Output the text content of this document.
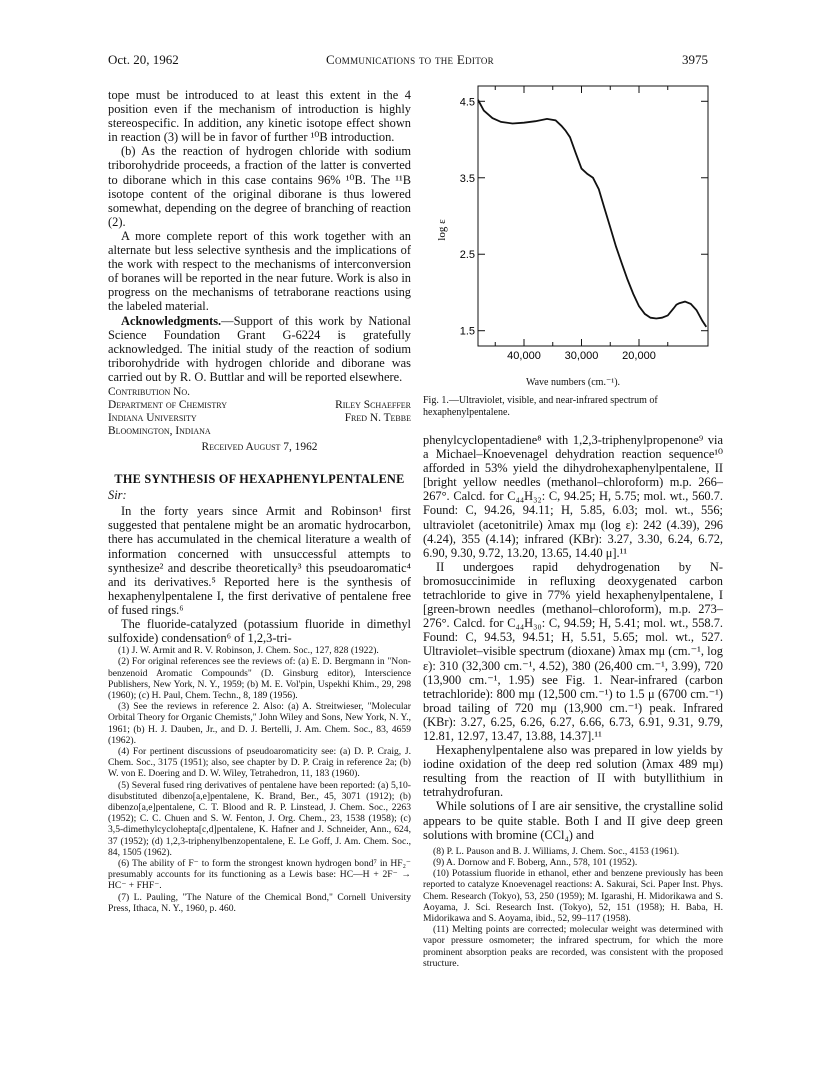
Oct. 20, 1962	Communications to the Editor	3975

tope must be introduced to at least this extent in the 4 position even if the mechanism of introduction is highly stereospecific. In addition, any kinetic isotope effect shown in reaction (3) will be in favor of further ¹⁰B introduction.

(b) As the reaction of hydrogen chloride with sodium triborohydride proceeds, a fraction of the latter is converted to diborane which in this case contains 96% ¹⁰B. The ¹¹B isotope content of the original diborane is thus lowered somewhat, depending on the degree of branching of reaction (2).

A more complete report of this work together with an alternate but less selective synthesis and the implications of the work with respect to the mechanisms of interconversion of boranes will be reported in the near future. Work is also in progress on the mechanisms of tetraborane reactions using the labeled material.

Acknowledgments.—Support of this work by National Science Foundation Grant G-6224 is gratefully acknowledged. The initial study of the reaction of sodium triborohydride with hydrogen chloride and diborane was carried out by R. O. Buttlar and will be reported elsewhere.

Contribution No.
Department of Chemistry	Riley Schaeffer
Indiana University	Fred N. Tebbe
Bloomington, Indiana
Received August 7, 1962
THE SYNTHESIS OF HEXAPHENYLPENTALENE
Sir:

In the forty years since Armit and Robinson¹ first suggested that pentalene might be an aromatic hydrocarbon, there has accumulated in the chemical literature a wealth of information concerned with unsuccessful attempts to synthesize² and describe theoretically³ this pseudoaromatic⁴ and its derivatives.⁵ Reported here is the synthesis of hexaphenylpentalene I, the first derivative of pentalene free of fused rings.⁶

The fluoride-catalyzed (potassium fluoride in dimethyl sulfoxide) condensation⁶ of 1,2,3-tri-

(1) J. W. Armit and R. V. Robinson, J. Chem. Soc., 127, 828 (1922).
(2) For original references see the reviews of: (a) E. D. Bergmann in "Non-benzenoid Aromatic Compounds" (D. Ginsburg editor), Interscience Publishers, New York, N. Y., 1959; (b) M. E. Vol'pin, Uspekhi Khim., 29, 298 (1960); (c) H. Paul, Chem. Techn., 8, 189 (1956).
(3) See the reviews in reference 2. Also: (a) A. Streitwieser, "Molecular Orbital Theory for Organic Chemists," John Wiley and Sons, New York, N. Y., 1961; (b) H. J. Dauben, Jr., and D. J. Bertelli, J. Am. Chem. Soc., 83, 4659 (1962).
(4) For pertinent discussions of pseudoaromaticity see: (a) D. P. Craig, J. Chem. Soc., 3175 (1951); also, see chapter by D. P. Craig in reference 2a; (b) W. von E. Doering and D. W. Wiley, Tetrahedron, 11, 183 (1960).
(5) Several fused ring derivatives of pentalene have been reported: (a) 5,10-disubstituted dibenzo[a,e]pentalene, K. Brand, Ber., 45, 3071 (1912); (b) dibenzo[a,e]pentalene, C. T. Blood and R. P. Linstead, J. Chem. Soc., 2263 (1952); C. C. Chuen and S. W. Fenton, J. Org. Chem., 23, 1538 (1958); (c) 3,5-dimethylcyclohepta[c,d]pentalene, K. Hafner and J. Schneider, Ann., 624, 37 (1952); (d) 1,2,3-triphenylbenzopentalene, E. Le Goff, J. Am. Chem. Soc., 84, 1505 (1962).
(6) The ability of F⁻ to form the strongest known hydrogen bond⁷ in HF₂⁻ presumably accounts for its functioning as a Lewis base: HC—H + 2F⁻ → HC⁻ + FHF⁻.
(7) L. Pauling, "The Nature of the Chemical Bond," Cornell University Press, Ithaca, N. Y., 1960, p. 460.
4.5
3.5
2.5
1.5
40,000 30,000 20,000
log ε
Wave numbers (cm.⁻¹).
Fig. 1.—Ultraviolet, visible, and near-infrared spectrum of hexaphenylpentalene.

phenylcyclopentadiene⁸ with 1,2,3-triphenylpropenone⁹ via a Michael–Knoevenagel dehydration reaction sequence¹⁰ afforded in 53% yield the dihydrohexaphenylpentalene, II [bright yellow needles (methanol–chloroform) m.p. 266–267°. Calcd. for C₄₄H₃₂: C, 94.25; H, 5.75; mol. wt., 560.7. Found: C, 94.26, 94.11; H, 5.85, 6.03; mol. wt., 556; ultraviolet (acetonitrile) λmax mμ (log ε): 242 (4.39), 296 (4.24), 355 (4.14); infrared (KBr): 3.27, 3.30, 6.24, 6.72, 6.90, 9.30, 9.72, 13.20, 13.65, 14.40 μ].¹¹

II undergoes rapid dehydrogenation by N-bromosuccinimide in refluxing deoxygenated carbon tetrachloride to give in 77% yield hexaphenylpentalene, I [green-brown needles (methanol–chloroform), m.p. 273–276°. Calcd. for C₄₄H₃₀: C, 94.59; H, 5.41; mol. wt., 558.7. Found: C, 94.53, 94.51; H, 5.51, 5.65; mol. wt., 527. Ultraviolet–visible spectrum (dioxane) λmax mμ (cm.⁻¹, log ε): 310 (32,300 cm.⁻¹, 4.52), 380 (26,400 cm.⁻¹, 3.99), 720 (13,900 cm.⁻¹, 1.95) see Fig. 1. Near-infrared (carbon tetrachloride): 800 mμ (12,500 cm.⁻¹) to 1.5 μ (6700 cm.⁻¹) broad tailing of 720 mμ (13,900 cm.⁻¹) peak. Infrared (KBr): 3.27, 6.25, 6.26, 6.27, 6.66, 6.73, 6.91, 9.31, 9.79, 12.81, 12.97, 13.47, 13.88, 14.37].¹¹

Hexaphenylpentalene also was prepared in low yields by iodine oxidation of the deep red solution (λmax 489 mμ) resulting from the reaction of II with butyllithium in tetrahydrofuran.

While solutions of I are air sensitive, the crystalline solid appears to be quite stable. Both I and II give deep green solutions with bromine (CCl₄) and

(8) P. L. Pauson and B. J. Williams, J. Chem. Soc., 4153 (1961).
(9) A. Dornow and F. Boberg, Ann., 578, 101 (1952).
(10) Potassium fluoride in ethanol, ether and benzene previously has been reported to catalyze Knoevenagel reactions: A. Sakurai, Sci. Paper Inst. Phys. Chem. Research (Tokyo), 53, 250 (1959); M. Igarashi, H. Midorikawa and S. Aoyama, J. Sci. Research Inst. (Tokyo), 52, 151 (1958); H. Baba, H. Midorikawa and S. Aoyama, ibid., 52, 99–117 (1958).
(11) Melting points are corrected; molecular weight was determined with vapor pressure osmometer; the infrared spectrum, for which the more prominent absorption peaks are recorded, was consistent with the proposed structure.
